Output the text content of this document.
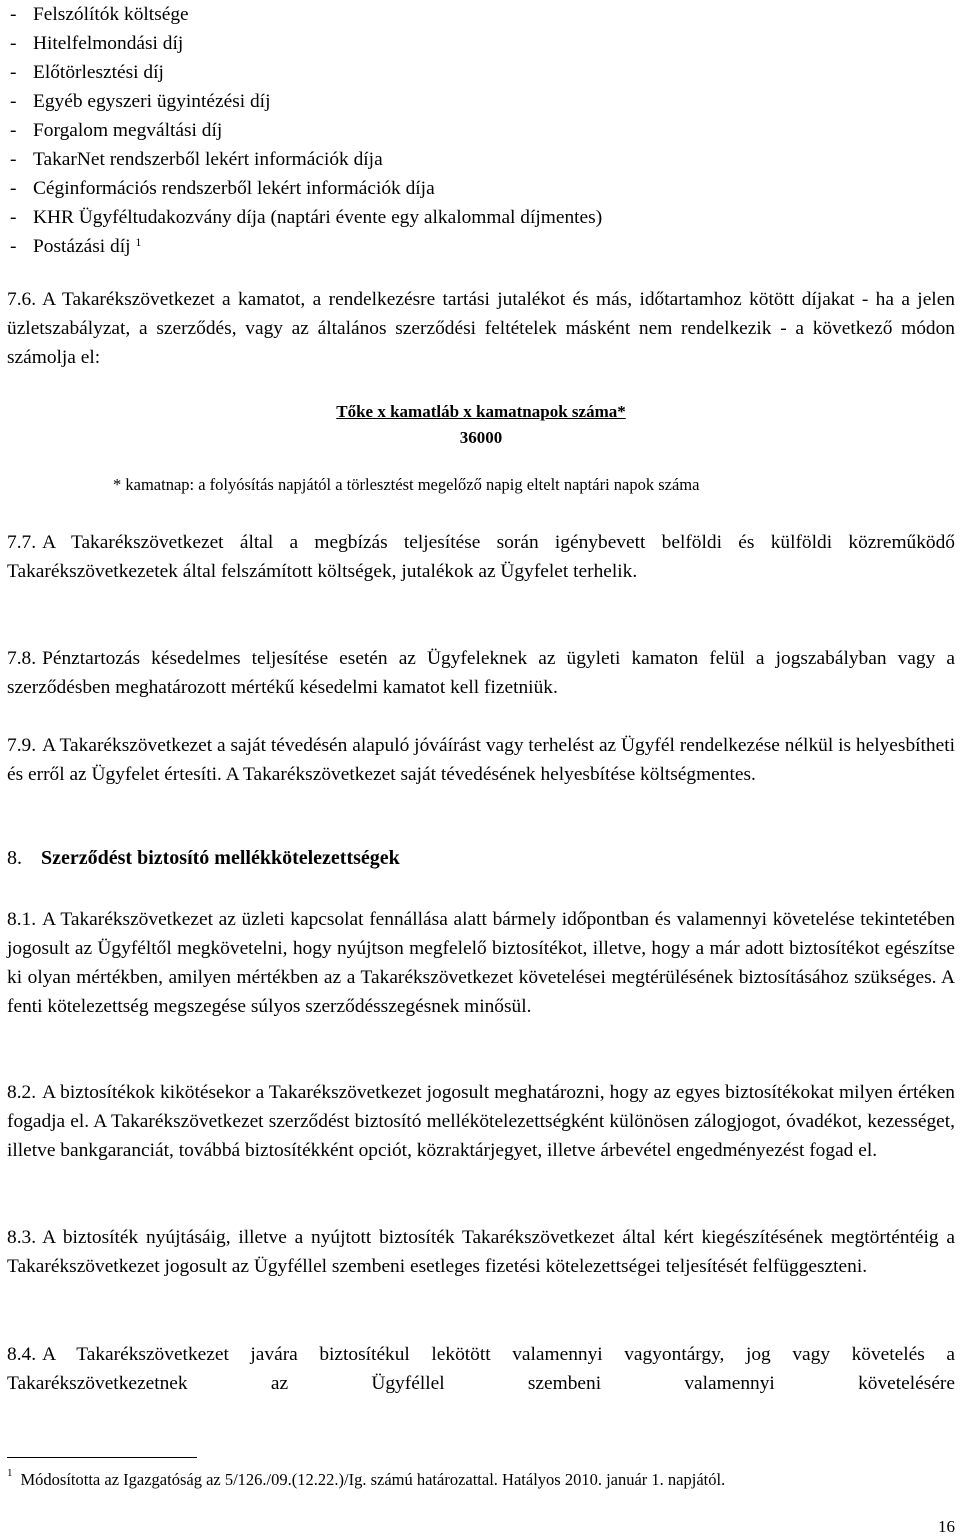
- Felszólítók költsége
- Hitelfelmondási díj
- Előtörlesztési díj
- Egyéb egyszeri ügyintézési díj
- Forgalom megváltási díj
- TakarNet rendszerből lekért információk díja
- Céginformációs rendszerből lekért információk díja
- KHR Ügyféltudakozvány díja (naptári évente egy alkalommal díjmentes)
- Postázási díj $^1$

7.6. A Takarékszövetkezet a kamatot, a rendelkezésre tartási jutalékot és más, időtartamhoz kötött díjakat - ha a jelen üzletszabályzat, a szerződés, vagy az általános szerződési feltételek másként nem rendelkezik - a következő módon számolja el:

Tőke x kamatláb x kamatnapok száma*
36000
* kamatnap: a folyósítás napjától a törlesztést megelőző napig eltelt naptári napok száma

7.7. A Takarékszövetkezet által a megbízás teljesítése során igénybevett belföldi és külföldi közreműködő Takarékszövetkezetek által felszámított költségek, jutalékok az Ügyfelet terhelik.

7.8. Pénztartozás késedelmes teljesítése esetén az Ügyfeleknek az ügyleti kamaton felül a jogszabályban vagy a szerződésben meghatározott mértékű késedelmi kamatot kell fizetniük.

7.9. A Takarékszövetkezet a saját tévedésén alapuló jóváírást vagy terhelést az Ügyfél rendelkezése nélkül is helyesbítheti és erről az Ügyfelet értesíti. A Takarékszövetkezet saját tévedésének helyesbítése költségmentes.

8. Szerződést biztosító mellékkötelezettségek

8.1. A Takarékszövetkezet az üzleti kapcsolat fennállása alatt bármely időpontban és valamennyi követelése tekintetében jogosult az Ügyféltől megkövetelni, hogy nyújtson megfelelő biztosítékot, illetve, hogy a már adott biztosítékot egészítse ki olyan mértékben, amilyen mértékben az a Takarékszövetkezet követelései megtérülésének biztosításához szükséges. A fenti kötelezettség megszegése súlyos szerződésszegésnek minősül.

8.2. A biztosítékok kikötésekor a Takarékszövetkezet jogosult meghatározni, hogy az egyes biztosítékokat milyen értéken fogadja el. A Takarékszövetkezet szerződést biztosító mellékötelezettségként különösen zálogjogot, óvadékot, kezességet, illetve bankgaranciát, továbbá biztosítékként opciót, közraktárjegyet, illetve árbevétel engedményezést fogad el.

8.3. A biztosíték nyújtásáig, illetve a nyújtott biztosíték Takarékszövetkezet által kért kiegészítésének megtörténtéig a Takarékszövetkezet jogosult az Ügyféllel szembeni esetleges fizetési kötelezettségei teljesítését felfüggeszteni.

8.4. A Takarékszövetkezet javára biztosítékul lekötött valamennyi vagyontárgy, jog vagy követelés a Takarékszövetkezetnek az Ügyféllel szembeni valamennyi követelésére

$^1$ Módosította az Igazgatóság az 5/126./09.(12.22.)/Ig. számú határozattal. Hatályos 2010. január 1. napjától.
16
